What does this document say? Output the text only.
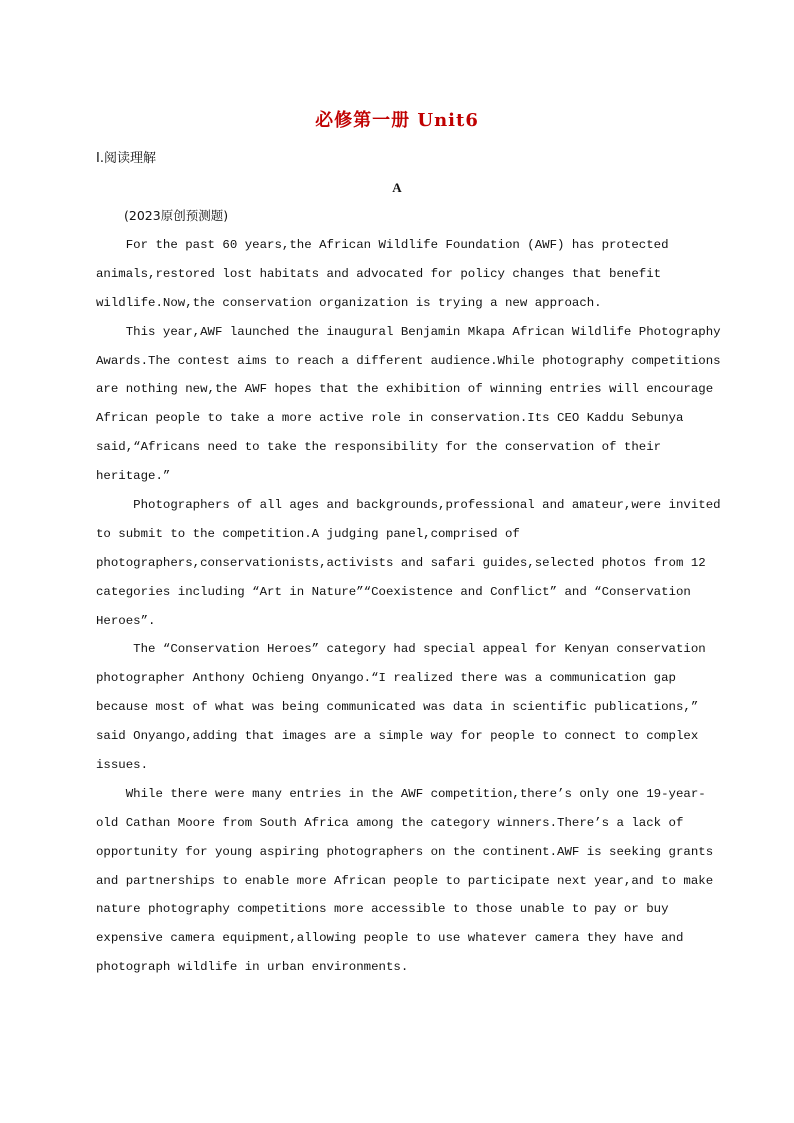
必修第一册 Unit6
Ⅰ.阅读理解
A
(2023原创预测题)
For the past 60 years,the African Wildlife Foundation (AWF) has protected
animals,restored lost habitats and advocated for policy changes that benefit
wildlife.Now,the conservation organization is trying a new approach.
This year,AWF launched the inaugural Benjamin Mkapa African Wildlife Photography
Awards.The contest aims to reach a different audience.While photography competitions
are nothing new,the AWF hopes that the exhibition of winning entries will encourage
African people to take a more active role in conservation.Its CEO Kaddu Sebunya
said,“Africans need to take the responsibility for the conservation of their
heritage.”
Photographers of all ages and backgrounds,professional and amateur,were invited
to submit to the competition.A judging panel,comprised of
photographers,conservationists,activists and safari guides,selected photos from 12
categories including “Art in Nature”“Coexistence and Conflict” and “Conservation
Heroes”.
The “Conservation Heroes” category had special appeal for Kenyan conservation
photographer Anthony Ochieng Onyango.“I realized there was a communication gap
because most of what was being communicated was data in scientific publications,”
said Onyango,adding that images are a simple way for people to connect to complex
issues.
While there were many entries in the AWF competition,there’s only one 19-year-
old Cathan Moore from South Africa among the category winners.There’s a lack of
opportunity for young aspiring photographers on the continent.AWF is seeking grants
and partnerships to enable more African people to participate next year,and to make
nature photography competitions more accessible to those unable to pay or buy
expensive camera equipment,allowing people to use whatever camera they have and
photograph wildlife in urban environments.
